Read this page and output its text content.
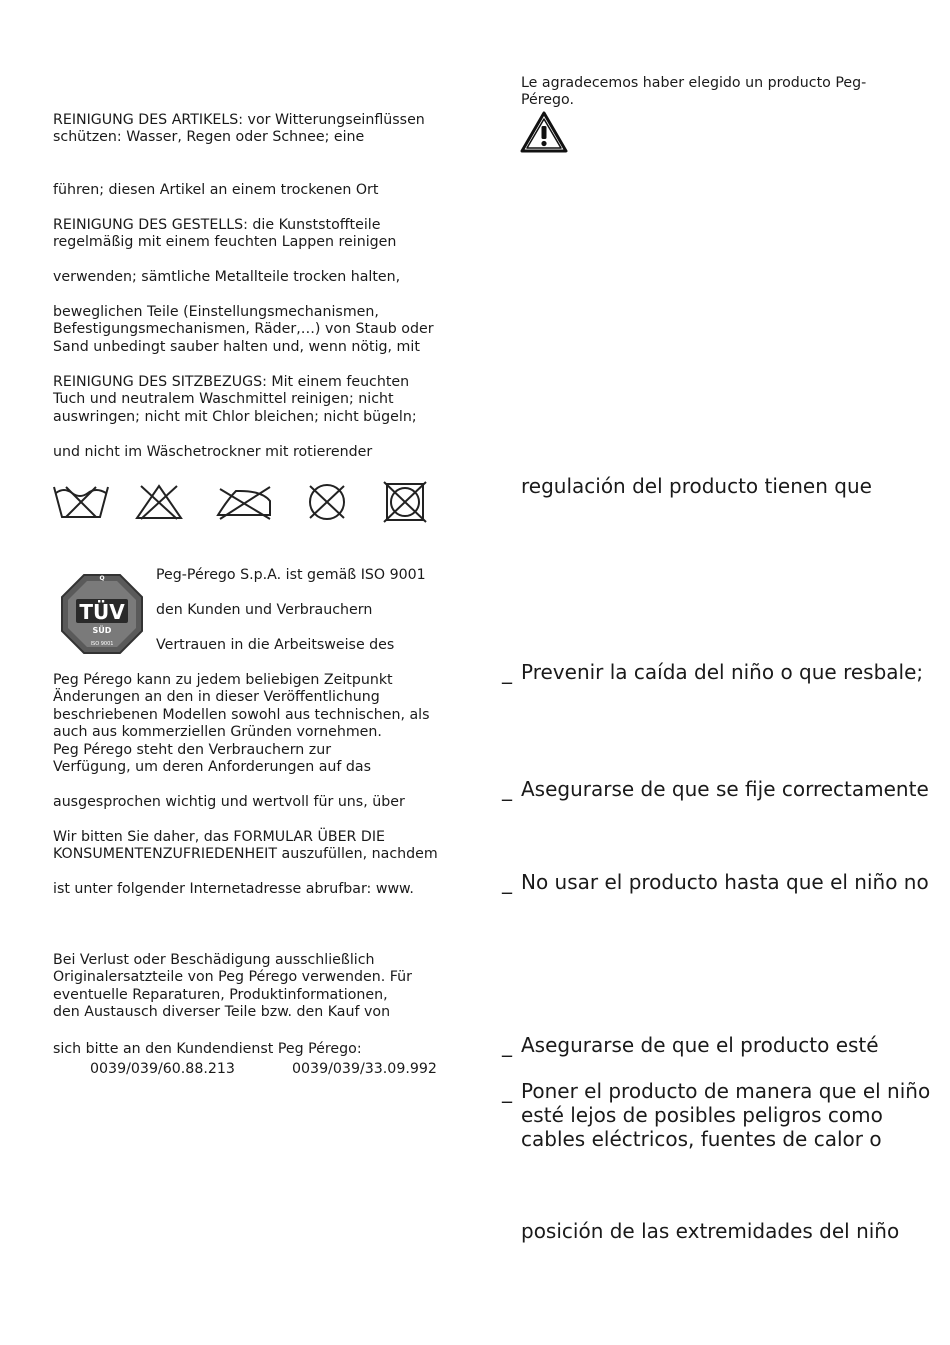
REINIGUNG DES ARTIKELS: vor Witterungseinflüssen
schützen: Wasser, Regen oder Schnee; eine
führen; diesen Artikel an einem trockenen Ort
REINIGUNG DES GESTELLS: die Kunststoffteile
regelmäßig mit einem feuchten Lappen reinigen
verwenden; sämtliche Metallteile trocken halten,
beweglichen Teile (Einstellungsmechanismen,
Befestigungsmechanismen, Räder,…) von Staub oder
Sand unbedingt sauber halten und, wenn nötig, mit
REINIGUNG DES SITZBEZUGS: Mit einem feuchten
Tuch und neutralem Waschmittel reinigen; nicht
auswringen; nicht mit Chlor bleichen; nicht bügeln;
und nicht im Wäschetrockner mit rotierender
TÜV
SÜD
ISO 9001
Q	Peg-Pérego S.p.A. ist gemäß ISO 9001
den Kunden und Verbrauchern
Vertrauen in die Arbeitsweise des
Peg Pérego kann zu jedem beliebigen Zeitpunkt
Änderungen an den in dieser Veröffentlichung
beschriebenen Modellen sowohl aus technischen, als
auch aus kommerziellen Gründen vornehmen.
Peg Pérego steht den Verbrauchern zur
Verfügung, um deren Anforderungen auf das
ausgesprochen wichtig und wertvoll für uns, über
Wir bitten Sie daher, das FORMULAR ÜBER DIE
KONSUMENTENZUFRIEDENHEIT auszufüllen, nachdem
ist unter folgender Internetadresse abrufbar: www.
Bei Verlust oder Beschädigung ausschließlich
Originalersatzteile von Peg Pérego verwenden. Für
eventuelle Reparaturen, Produktinformationen,
den Austausch diverser Teile bzw. den Kauf von
sich bitte an den Kundendienst Peg Pérego:
0039/039/60.88.213	0039/039/33.09.992
Le agradecemos haber elegido un producto Peg-
Pérego.
regulación del producto tienen que
_ Prevenir la caída del niño o que resbale;
_ Asegurarse de que se fije correctamente
_ No usar el producto hasta que el niño no
_ Asegurarse de que el producto esté
_ Poner el producto de manera que el niño
esté lejos de posibles peligros como
cables eléctricos, fuentes de calor o
posición de las extremidades del niño
